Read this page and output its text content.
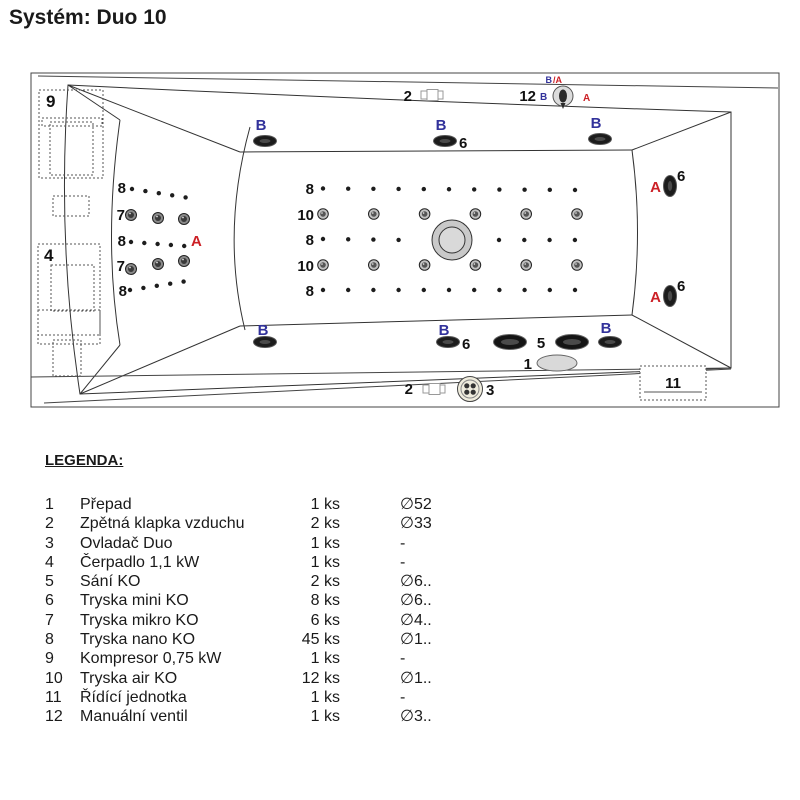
Systém: Duo 10
9
4
11
1
2	12 B	A
B /A
B	B	B
6
A
6
A
6
8
7
8	A
7
8
8
10
8
10
8
B	B	B
6	5
2	3
LEGENDA:
1	Přepad	1 ks	∅52
2	Zpětná klapka vzduchu	2 ks	∅33
3	Ovladač Duo	1 ks	-
4	Čerpadlo 1,1 kW	1 ks	-
5	Sání KO	2 ks	∅6..
6	Tryska mini KO	8 ks	∅6..
7	Tryska mikro KO	6 ks	∅4..
8	Tryska nano KO	45 ks	∅1..
9	Kompresor 0,75 kW	1 ks	-
10	Tryska air KO	12 ks	∅1..
11	Řídící jednotka	1 ks	-
12	Manuální ventil	1 ks	∅3..
